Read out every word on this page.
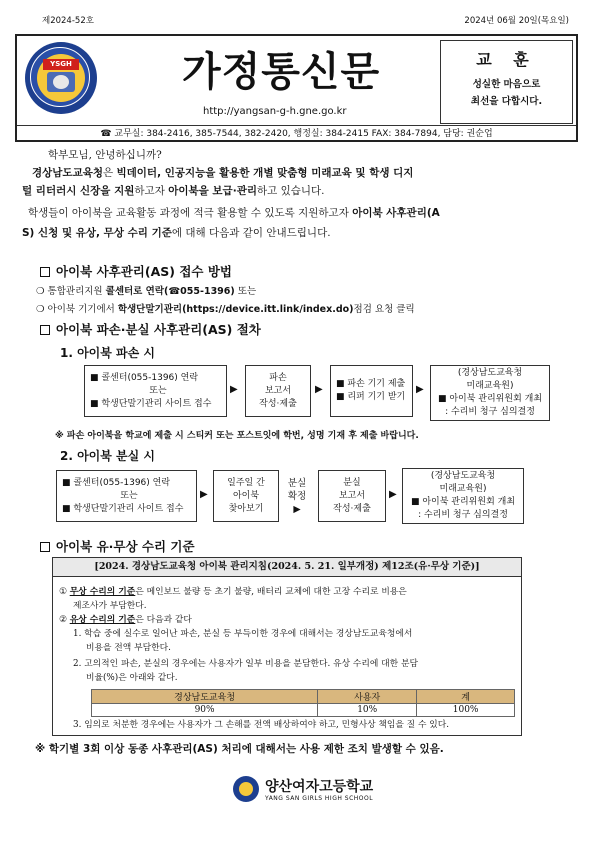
제2024-52호	2024년 06월 20일(목요일)
YSGH	가정통신문
http://yangsan-g-h.gne.go.kr
교 훈
성실한 마음으로
최선을 다합시다.
☎ 교무실: 384-2416, 385-7544, 382-2420, 행정실: 384-2415 FAX: 384-7894, 담당: 권순업
학부모님, 안녕하십니까?
경상남도교육청은 빅데이터, 인공지능을 활용한 개별 맞춤형 미래교육 및 학생 디지
털 리터러시 신장을 지원하고자 아이북을 보급·관리하고 있습니다.
학생들이 아이북을 교육활동 과정에 적극 활용할 수 있도록 지원하고자 아이북 사후관리(A
S) 신청 및 유상, 무상 수리 기준에 대해 다음과 같이 안내드립니다.
아이북 사후관리(AS) 접수 방법
❍ 통합관리지원 콜센터로 연락(☎055-1396) 또는
❍ 아이북 기기에서 학생단말기관리(https://device.itt.link/index.do)점검 요청 클릭
아이북 파손·분실 사후관리(AS) 절차
1. 아이북 파손 시
■ 콜센터(055-1396) 연락
또는
■ 학생단말기관리 사이트 접수
▶
파손
보고서
작성·제출
▶ ■ 파손 기기 제출
■ 리퍼 기기 받기
▶
(경상남도교육청
미래교육원)
■ 아이북 관리위원회 개최
: 수리비 청구 심의결정
※ 파손 아이북을 학교에 제출 시 스티커 또는 포스트잇에 학번, 성명 기재 후 제출 바랍니다.
2. 아이북 분실 시
■ 콜센터(055-1396) 연락
또는
■ 학생단말기관리 사이트 접수
▶
일주일 간
아이북
찾아보기
분실
확정
▶
분실
보고서
작성·제출
▶
(경상남도교육청
미래교육원)
■ 아이북 관리위원회 개최
: 수리비 청구 심의결정
아이북 유·무상 수리 기준
[2024. 경상남도교육청 아이북 관리지침(2024. 5. 21. 일부개정) 제12조(유·무상 기준)]
① 무상 수리의 기준은 메인보드 불량 등 초기 불량, 배터리 교체에 대한 고장 수리로 비용은
제조사가 부담한다.
② 유상 수리의 기준은 다음과 같다
1. 학습 중에 실수로 일어난 파손, 분실 등 부득이한 경우에 대해서는 경상남도교육청에서
비용을 전액 부담한다.
2. 고의적인 파손, 분실의 경우에는 사용자가 일부 비용을 분담한다. 유상 수리에 대한 분담
비율(%)은 아래와 같다.
경상남도교육청	사용자	계
90%	10%	100%
3. 임의로 처분한 경우에는 사용자가 그 손해를 전액 배상하여야 하고, 민형사상 책임을 질 수 있다.
※ 학기별 3회 이상 동종 사후관리(AS) 처리에 대해서는 사용 제한 조치 발생할 수 있음.
양산여자고등학교
YANG SAN GIRLS HIGH SCHOOL
